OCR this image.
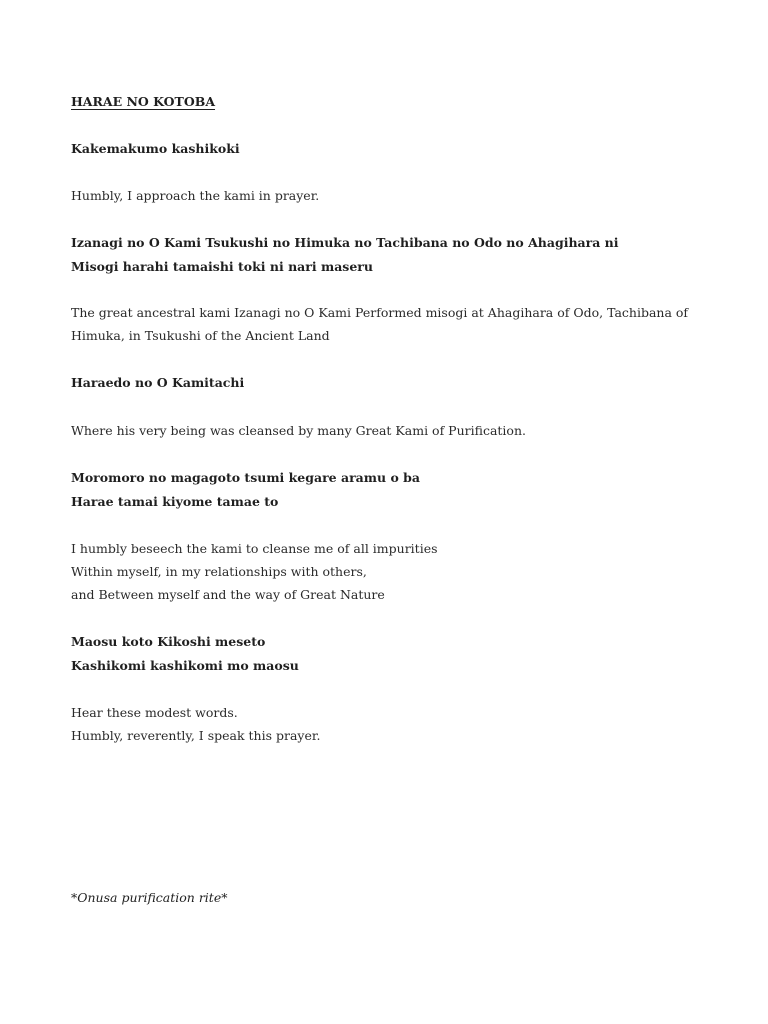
HARAE NO KOTOBA
Kakemakumo kashikoki
Humbly, I approach the kami in prayer.
Izanagi no O Kami Tsukushi no Himuka no Tachibana no Odo no Ahagihara ni
Misogi harahi tamaishi toki ni nari maseru
The great ancestral kami Izanagi no O Kami Performed misogi at Ahagihara of Odo, Tachibana of
Himuka, in Tsukushi of the Ancient Land
Haraedo no O Kamitachi
Where his very being was cleansed by many Great Kami of Purification.
Moromoro no magagoto tsumi kegare aramu o ba
Harae tamai kiyome tamae to
I humbly beseech the kami to cleanse me of all impurities
Within myself, in my relationships with others,
and Between myself and the way of Great Nature
Maosu koto Kikoshi meseto
Kashikomi kashikomi mo maosu
Hear these modest words.
Humbly, reverently, I speak this prayer.
*Onusa purification rite*
